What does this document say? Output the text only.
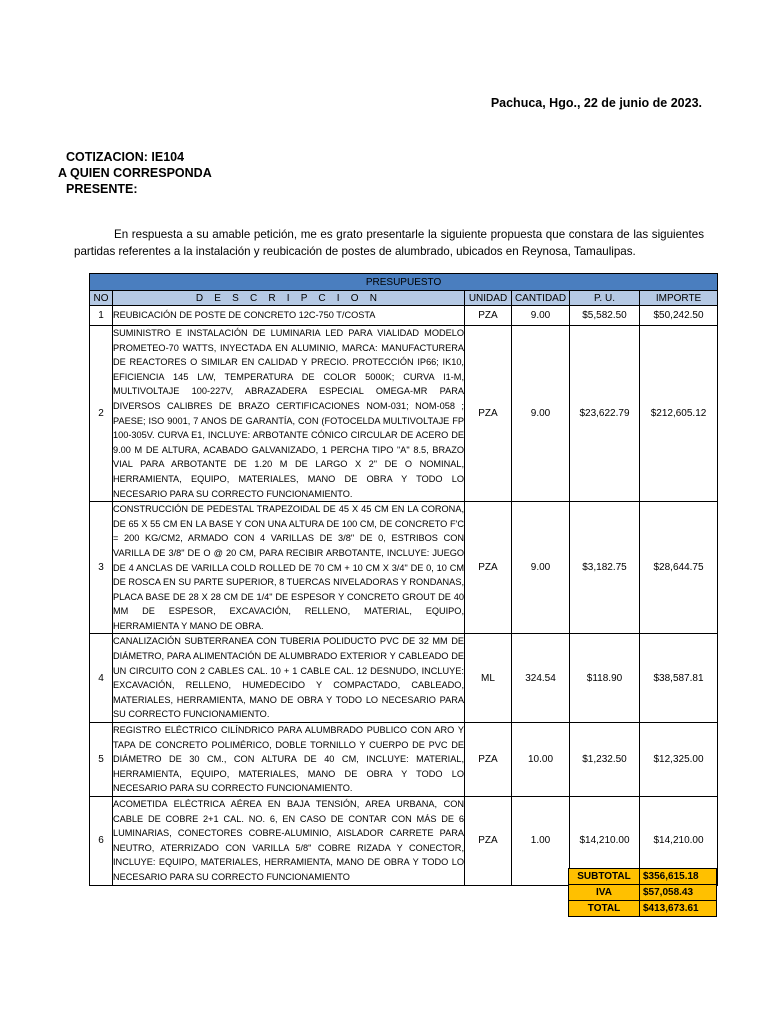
Pachuca, Hgo., 22 de junio de 2023.
COTIZACION: IE104
A QUIEN CORRESPONDA
PRESENTE:
En respuesta a su amable petición, me es grato presentarle la siguiente propuesta que constara de las siguientes partidas referentes a la instalación y reubicación de postes de alumbrado, ubicados en Reynosa, Tamaulipas.
PRESUPUESTO					
NO	D E S C R I P C I O N	UNIDAD	CANTIDAD	P. U.	IMPORTE
1	REUBICACIÓN DE POSTE DE CONCRETO 12C-750 T/COSTA	PZA	9.00	$5,582.50	$50,242.50
2	SUMINISTRO E INSTALACIÓN DE LUMINARIA LED PARA VIALIDAD MODELO PROMETEO-70 WATTS, INYECTADA EN ALUMINIO, MARCA: MANUFACTURERA DE REACTORES O SIMILAR EN CALIDAD Y PRECIO. PROTECCIÓN IP66; IK10, EFICIENCIA 145 L/W, TEMPERATURA DE COLOR 5000K; CURVA I1-M, MULTIVOLTAJE 100-227V, ABRAZADERA ESPECIAL OMEGA-MR PARA DIVERSOS CALIBRES DE BRAZO CERTIFICACIONES NOM-031; NOM-058 ; PAESE; ISO 9001, 7 ANOS DE GARANTÍA, CON (FOTOCELDA MULTIVOLTAJE FP 100-305V. CURVA E1, INCLUYE: ARBOTANTE CÓNICO CIRCULAR DE ACERO DE 9.00 M DE ALTURA, ACABADO GALVANIZADO, 1 PERCHA TIPO "A" 8.5, BRAZO VIAL PARA ARBOTANTE DE 1.20 M DE LARGO X 2" DE O NOMINAL, HERRAMIENTA, EQUIPO, MATERIALES, MANO DE OBRA Y TODO LO NECESARIO PARA SU CORRECTO FUNCIONAMIENTO.	PZA	9.00	$23,622.79	$212,605.12
3	CONSTRUCCIÓN DE PEDESTAL TRAPEZOIDAL DE 45 X 45 CM EN LA CORONA, DE 65 X 55 CM EN LA BASE Y CON UNA ALTURA DE 100 CM, DE CONCRETO F'C = 200 KG/CM2, ARMADO CON 4 VARILLAS DE 3/8" DE 0, ESTRIBOS CON VARILLA DE 3/8" DE O @ 20 CM, PARA RECIBIR ARBOTANTE, INCLUYE: JUEGO DE 4 ANCLAS DE VARILLA COLD ROLLED DE 70 CM + 10 CM X 3/4" DE 0, 10 CM DE ROSCA EN SU PARTE SUPERIOR, 8 TUERCAS NIVELADORAS Y RONDANAS, PLACA BASE DE 28 X 28 CM DE 1/4" DE ESPESOR Y CONCRETO GROUT DE 40 MM DE ESPESOR, EXCAVACIÓN, RELLENO, MATERIAL, EQUIPO, HERRAMIENTA Y MANO DE OBRA.	PZA	9.00	$3,182.75	$28,644.75
4	CANALIZACIÓN SUBTERRANEA CON TUBERIA POLIDUCTO PVC DE 32 MM DE DIÁMETRO, PARA ALIMENTACIÓN DE ALUMBRADO EXTERIOR Y CABLEADO DE UN CIRCUITO CON 2 CABLES CAL. 10 + 1 CABLE CAL. 12 DESNUDO, INCLUYE: EXCAVACIÓN, RELLENO, HUMEDECIDO Y COMPACTADO, CABLEADO, MATERIALES, HERRAMIENTA, MANO DE OBRA Y TODO LO NECESARIO PARA SU CORRECTO FUNCIONAMIENTO.	ML	324.54	$118.90	$38,587.81
5	REGISTRO ELÉCTRICO CILÍNDRICO PARA ALUMBRADO PUBLICO CON ARO Y TAPA DE CONCRETO POLIMÉRICO, DOBLE TORNILLO Y CUERPO DE PVC DE DIÁMETRO DE 30 CM., CON ALTURA DE 40 CM, INCLUYE: MATERIAL, HERRAMIENTA, EQUIPO, MATERIALES, MANO DE OBRA Y TODO LO NECESARIO PARA SU CORRECTO FUNCIONAMIENTO.	PZA	10.00	$1,232.50	$12,325.00
6	ACOMETIDA ELÉCTRICA AÉREA EN BAJA TENSIÓN, AREA URBANA, CON CABLE DE COBRE 2+1 CAL. NO. 6, EN CASO DE CONTAR CON MÁS DE 6 LUMINARIAS, CONECTORES COBRE-ALUMINIO, AISLADOR CARRETE PARA NEUTRO, ATERRIZADO CON VARILLA 5/8" COBRE RIZADA Y CONECTOR, INCLUYE: EQUIPO, MATERIALES, HERRAMIENTA, MANO DE OBRA Y TODO LO NECESARIO PARA SU CORRECTO FUNCIONAMIENTO	PZA	1.00	$14,210.00	$14,210.00
SUBTOTAL	$356,615.18
IVA	$57,058.43
TOTAL	$413,673.61
